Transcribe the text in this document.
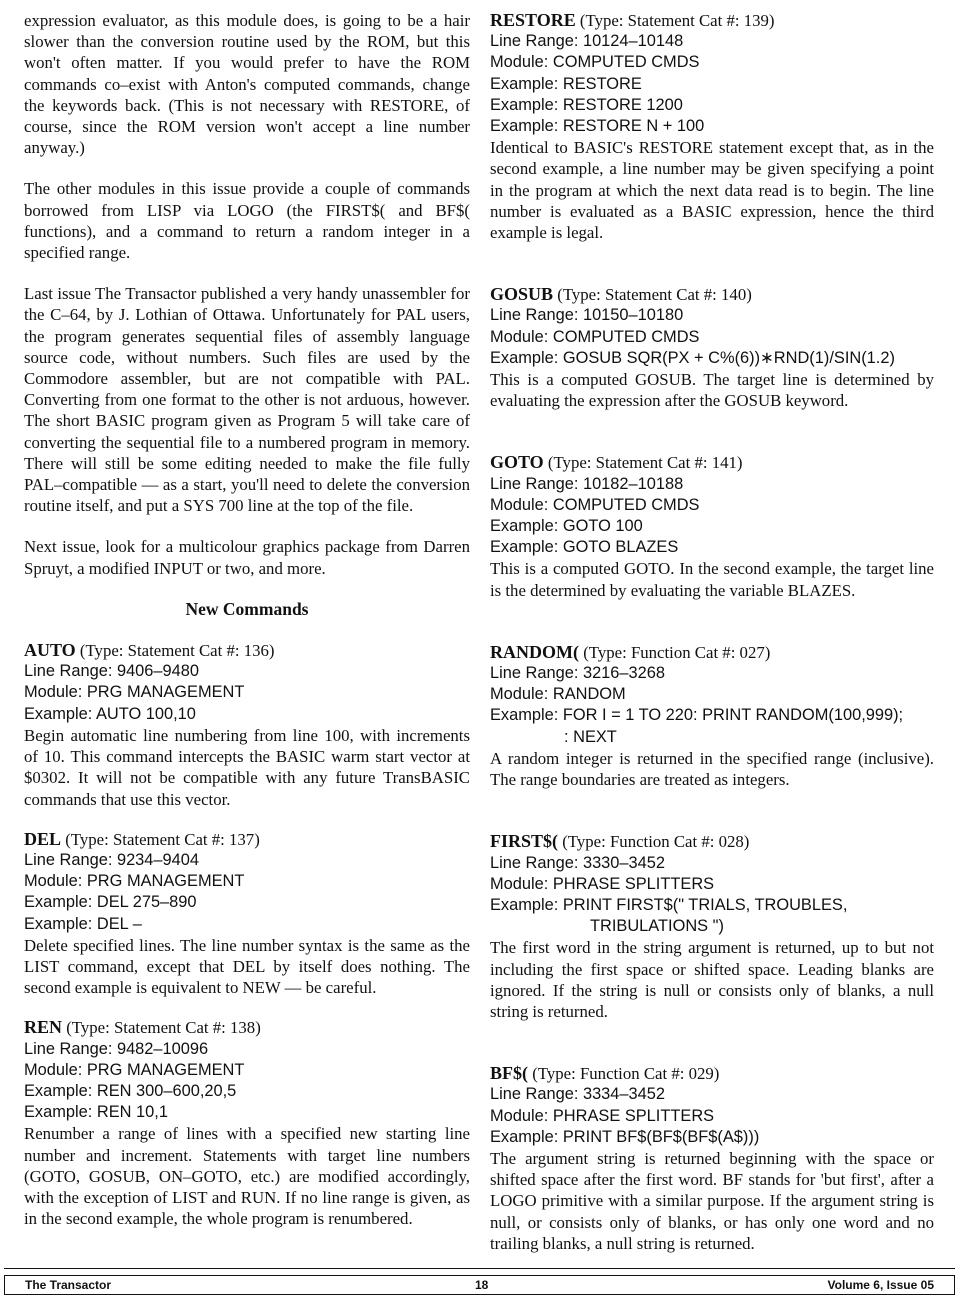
expression evaluator, as this module does, is going to be a hair slower than the conversion routine used by the ROM, but this won't often matter. If you would prefer to have the ROM commands co–exist with Anton's computed commands, change the keywords back. (This is not necessary with RESTORE, of course, since the ROM version won't accept a line number anyway.)

The other modules in this issue provide a couple of commands borrowed from LISP via LOGO (the FIRST$( and BF$( functions), and a command to return a random integer in a specified range.

Last issue The Transactor published a very handy unassembler for the C–64, by J. Lothian of Ottawa. Unfortunately for PAL users, the program generates sequential files of assembly language source code, without numbers. Such files are used by the Commodore assembler, but are not compatible with PAL. Converting from one format to the other is not arduous, however. The short BASIC program given as Program 5 will take care of converting the sequential file to a numbered program in memory. There will still be some editing needed to make the file fully PAL–compatible –– as a start, you'll need to delete the conversion routine itself, and put a SYS 700 line at the top of the file.

Next issue, look for a multicolour graphics package from Darren Spruyt, a modified INPUT or two, and more.

New Commands
AUTO (Type: Statement Cat #: 136)
Line Range: 9406–9480
Module: PRG MANAGEMENT
Example: AUTO 100,10
Begin automatic line numbering from line 100, with increments of 10. This command intercepts the BASIC warm start vector at $0302. It will not be compatible with any future TransBASIC commands that use this vector.
DEL (Type: Statement Cat #: 137)
Line Range: 9234–9404
Module: PRG MANAGEMENT
Example: DEL 275–890
Example: DEL –
Delete specified lines. The line number syntax is the same as the LIST command, except that DEL by itself does nothing. The second example is equivalent to NEW –– be careful.
REN (Type: Statement Cat #: 138)
Line Range: 9482–10096
Module: PRG MANAGEMENT
Example: REN 300–600,20,5
Example: REN 10,1
Renumber a range of lines with a specified new starting line number and increment. Statements with target line numbers (GOTO, GOSUB, ON–GOTO, etc.) are modified accordingly, with the exception of LIST and RUN. If no line range is given, as in the second example, the whole program is renumbered.
RESTORE (Type: Statement Cat #: 139)
Line Range: 10124–10148
Module: COMPUTED CMDS
Example: RESTORE
Example: RESTORE 1200
Example: RESTORE N + 100
Identical to BASIC's RESTORE statement except that, as in the second example, a line number may be given specifying a point in the program at which the next data read is to begin. The line number is evaluated as a BASIC expression, hence the third example is legal.
GOSUB (Type: Statement Cat #: 140)
Line Range: 10150–10180
Module: COMPUTED CMDS
Example: GOSUB SQR(PX + C%(6))∗RND(1)/SIN(1.2)
This is a computed GOSUB. The target line is determined by evaluating the expression after the GOSUB keyword.
GOTO (Type: Statement Cat #: 141)
Line Range: 10182–10188
Module: COMPUTED CMDS
Example: GOTO 100
Example: GOTO BLAZES
This is a computed GOTO. In the second example, the target line is the determined by evaluating the variable BLAZES.
RANDOM( (Type: Function Cat #: 027)
Line Range: 3216–3268
Module: RANDOM
Example: FOR I = 1 TO 220: PRINT RANDOM(100,999);
: NEXT
A random integer is returned in the specified range (inclusive). The range boundaries are treated as integers.
FIRST$( (Type: Function Cat #: 028)
Line Range: 3330–3452
Module: PHRASE SPLITTERS
Example: PRINT FIRST$(" TRIALS, TROUBLES,
TRIBULATIONS ")
The first word in the string argument is returned, up to but not including the first space or shifted space. Leading blanks are ignored. If the string is null or consists only of blanks, a null string is returned.
BF$( (Type: Function Cat #: 029)
Line Range: 3334–3452
Module: PHRASE SPLITTERS
Example: PRINT BF$(BF$(BF$(A$)))
The argument string is returned beginning with the space or shifted space after the first word. BF stands for 'but first', after a LOGO primitive with a similar purpose. If the argument string is null, or consists only of blanks, or has only one word and no trailing blanks, a null string is returned.
The Transactor	18	Volume 6, Issue 05
